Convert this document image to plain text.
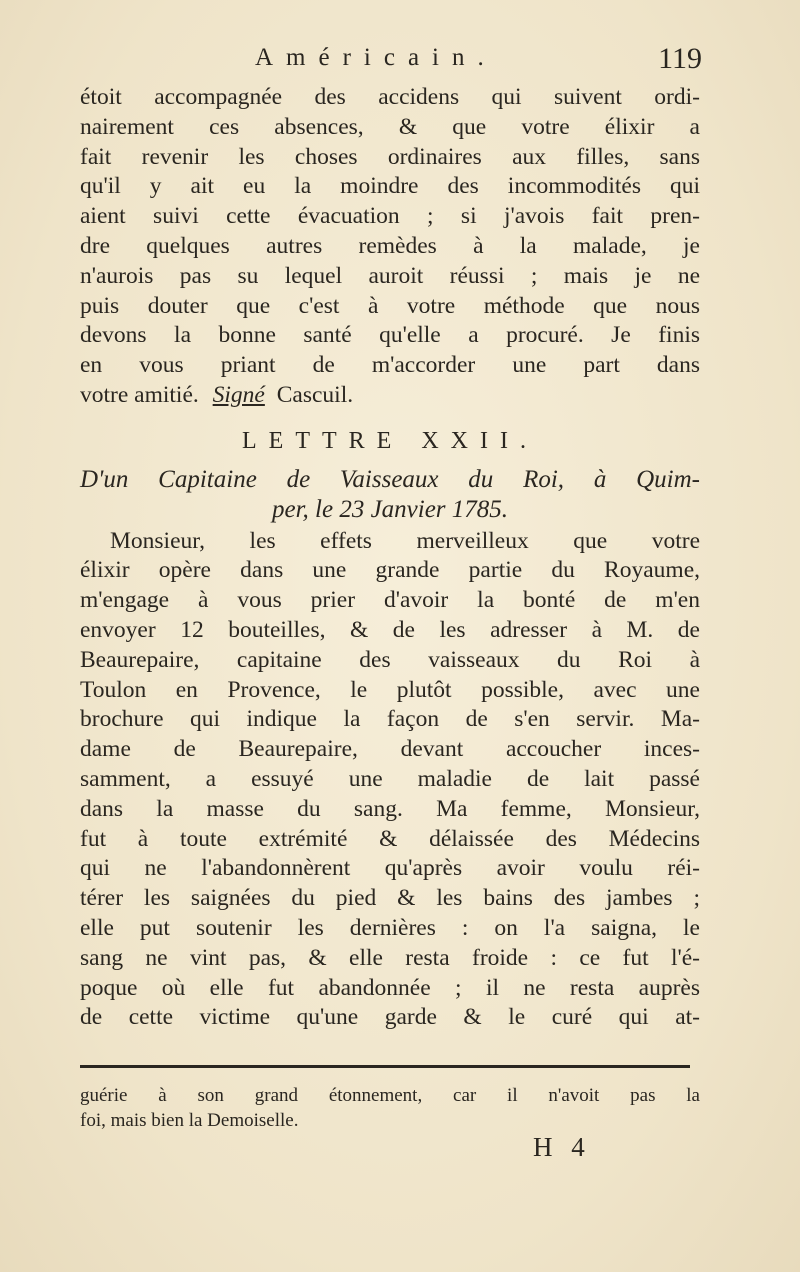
Américain.	119
étoit accompagnée des accidens qui suivent ordi-
nairement ces absences, & que votre élixir a
fait revenir les choses ordinaires aux filles, sans
qu'il y ait eu la moindre des incommodités qui
aient suivi cette évacuation ; si j'avois fait pren-
dre quelques autres remèdes à la malade, je
n'aurois pas su lequel auroit réussi ; mais je ne
puis douter que c'est à votre méthode que nous
devons la bonne santé qu'elle a procuré. Je finis
en vous priant de m'accorder une part dans
votre amitié. Signé Cascuil.
LETTRE XXII.
D'un Capitaine de Vaisseaux du Roi, à Quim-
per, le 23 Janvier 1785.
Monsieur, les effets merveilleux que votre
élixir opère dans une grande partie du Royaume,
m'engage à vous prier d'avoir la bonté de m'en
envoyer 12 bouteilles, & de les adresser à M. de
Beaurepaire, capitaine des vaisseaux du Roi à
Toulon en Provence, le plutôt possible, avec une
brochure qui indique la façon de s'en servir. Ma-
dame de Beaurepaire, devant accoucher inces-
samment, a essuyé une maladie de lait passé
dans la masse du sang. Ma femme, Monsieur,
fut à toute extrémité & délaissée des Médecins
qui ne l'abandonnèrent qu'après avoir voulu réi-
térer les saignées du pied & les bains des jambes ;
elle put soutenir les dernières : on l'a saigna, le
sang ne vint pas, & elle resta froide : ce fut l'é-
poque où elle fut abandonnée ; il ne resta auprès
de cette victime qu'une garde & le curé qui at-
guérie à son grand étonnement, car il n'avoit pas la
foi, mais bien la Demoiselle.
H 4
